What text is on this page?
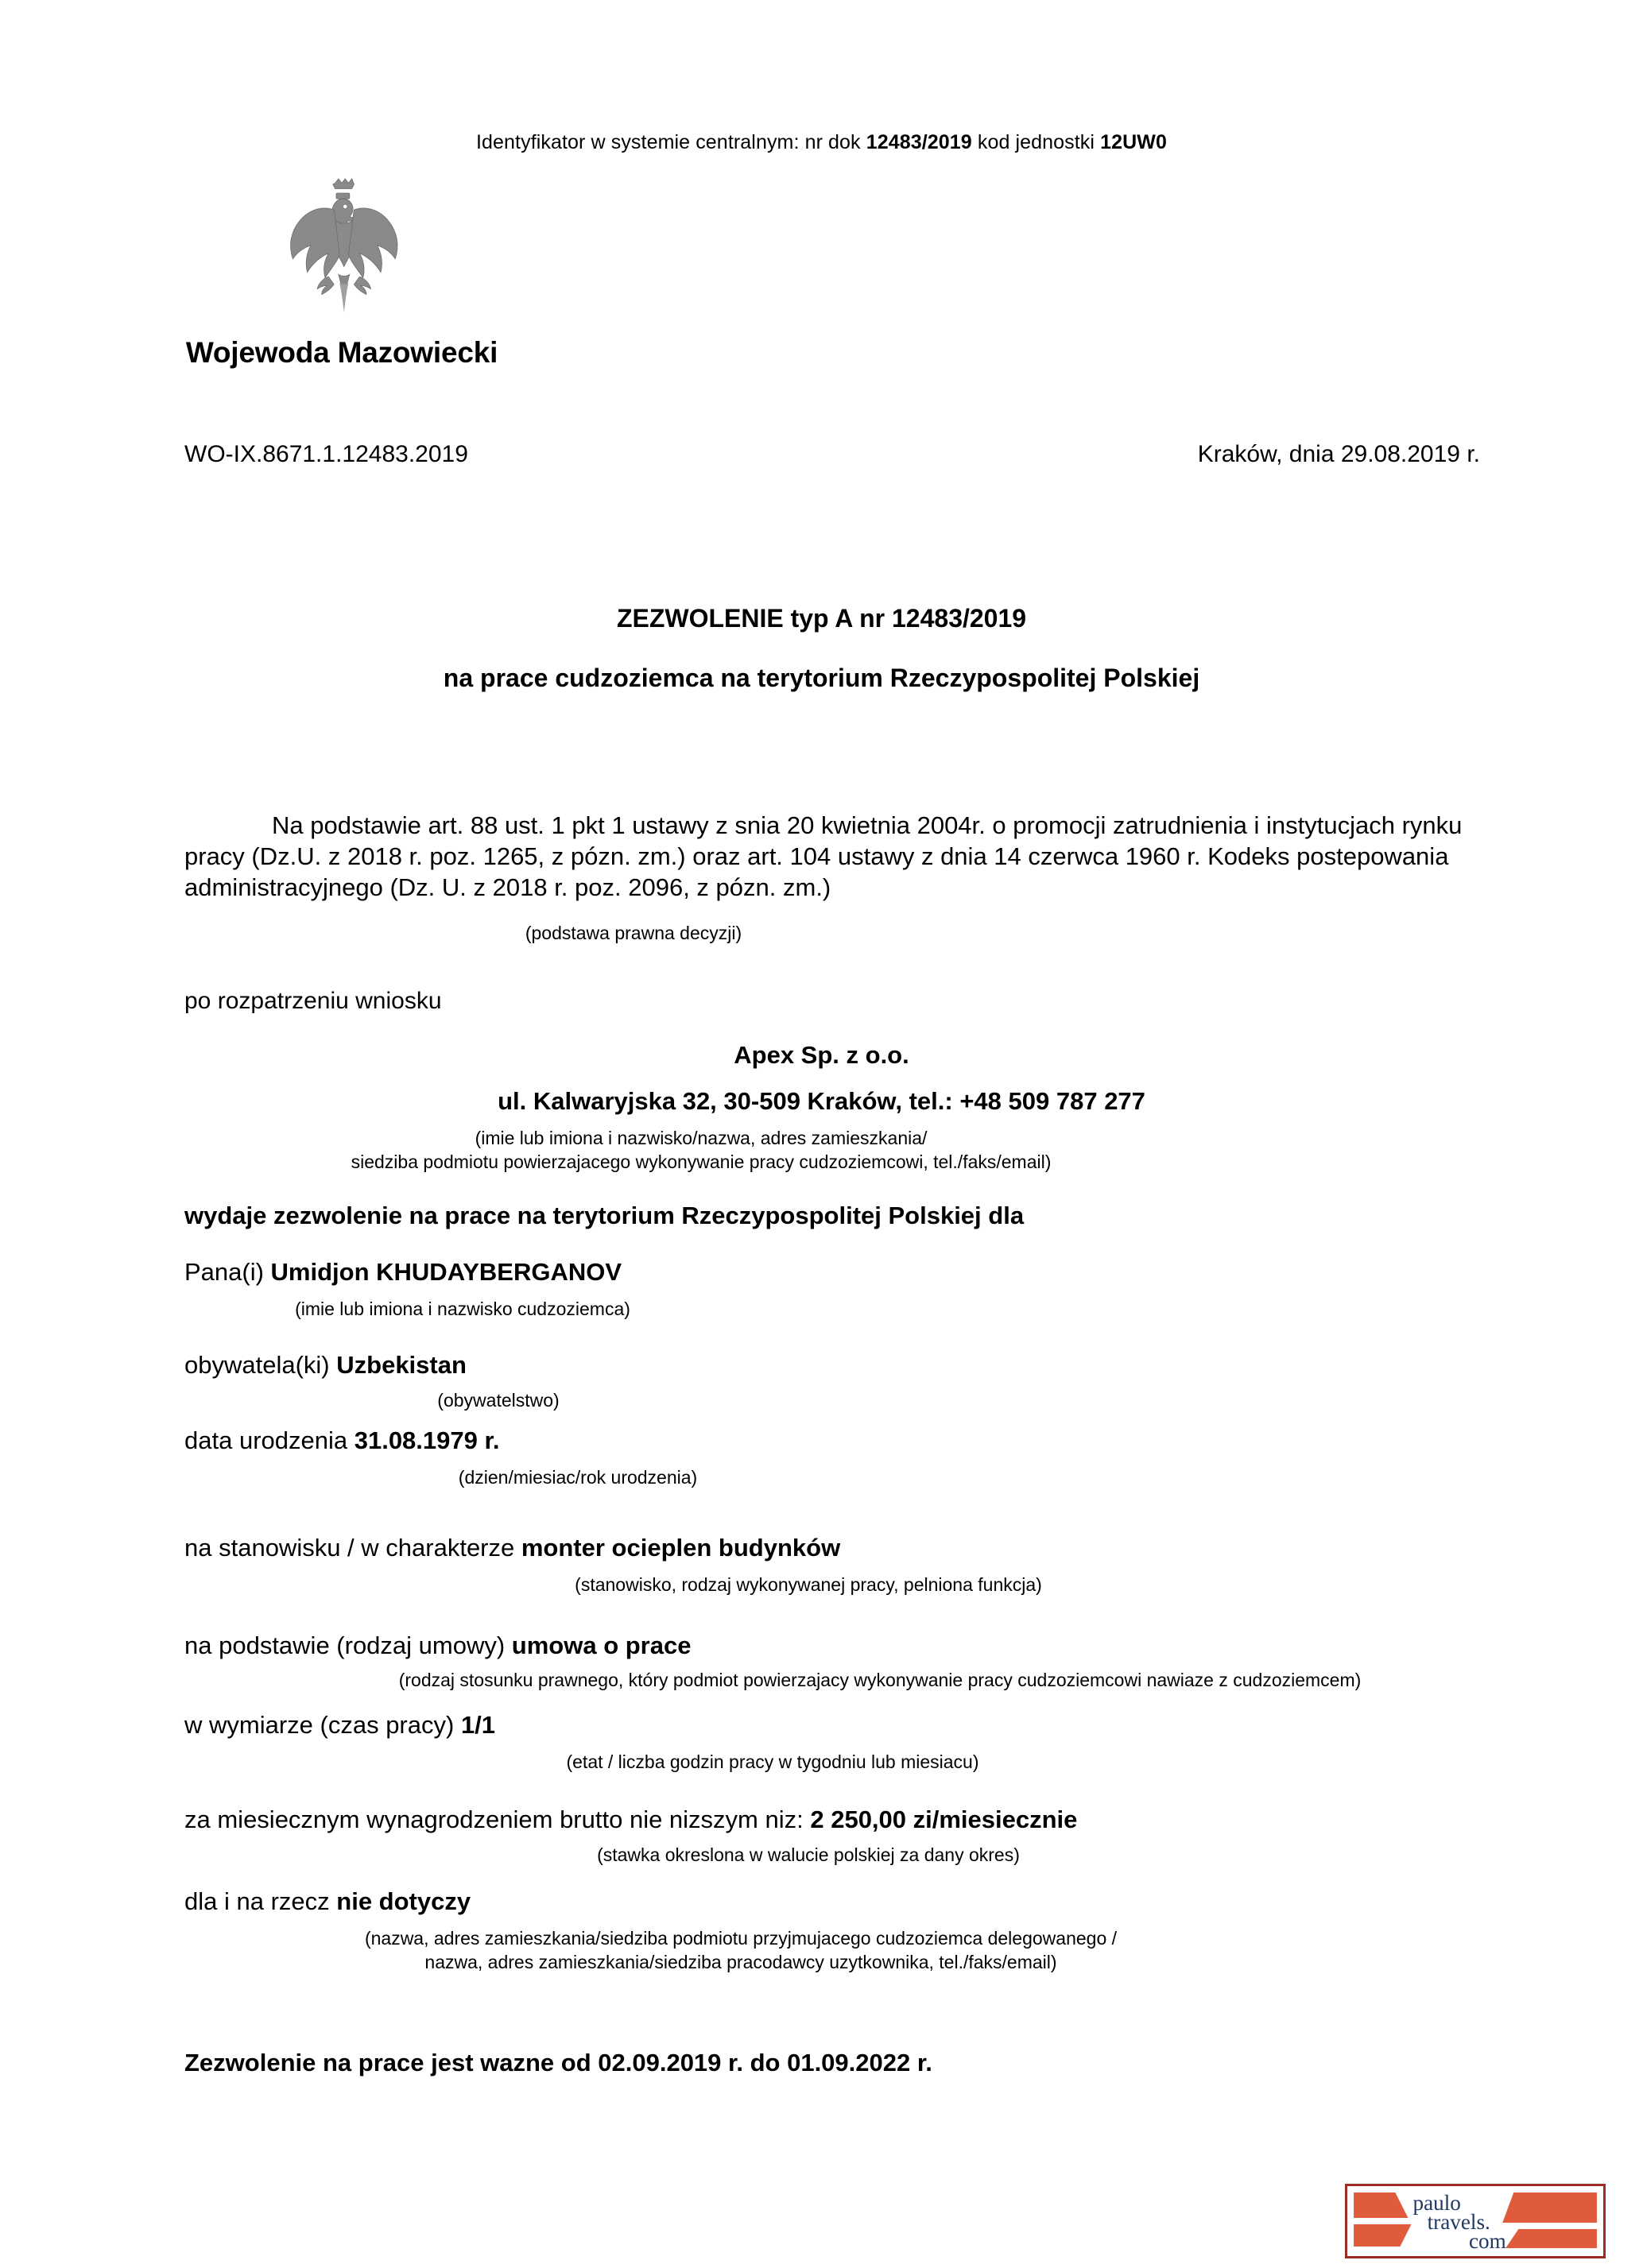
Identyfikator w systemie centralnym: nr dok 12483/2019 kod jednostki 12UW0
Wojewoda Mazowiecki
WO-IX.8671.1.12483.2019	Kraków, dnia 29.08.2019 r.
ZEZWOLENIE typ A nr 12483/2019
na prace cudzoziemca na terytorium Rzeczypospolitej Polskiej
Na podstawie art. 88 ust. 1 pkt 1 ustawy z snia 20 kwietnia 2004r. o promocji zatrudnienia i instytucjach rynku pracy (Dz.U. z 2018 r. poz. 1265, z pózn. zm.) oraz art. 104 ustawy z dnia 14 czerwca 1960 r. Kodeks postepowania administracyjnego (Dz. U. z 2018 r. poz. 2096, z pózn. zm.)
(podstawa prawna decyzji)
po rozpatrzeniu wniosku
Apex Sp. z o.o.
ul. Kalwaryjska 32, 30-509 Kraków, tel.: +48 509 787 277
(imie lub imiona i nazwisko/nazwa, adres zamieszkania/
siedziba podmiotu powierzajacego wykonywanie pracy cudzoziemcowi, tel./faks/email)
wydaje zezwolenie na prace na terytorium Rzeczypospolitej Polskiej dla
Pana(i) Umidjon KHUDAYBERGANOV
(imie lub imiona i nazwisko cudzoziemca)
obywatela(ki) Uzbekistan
(obywatelstwo)
data urodzenia 31.08.1979 r.
(dzien/miesiac/rok urodzenia)
na stanowisku / w charakterze monter ocieplen budynków
(stanowisko, rodzaj wykonywanej pracy, pelniona funkcja)
na podstawie (rodzaj umowy) umowa o prace
(rodzaj stosunku prawnego, który podmiot powierzajacy wykonywanie pracy cudzoziemcowi nawiaze z cudzoziemcem)
w wymiarze (czas pracy) 1/1
(etat / liczba godzin pracy w tygodniu lub miesiacu)
za miesiecznym wynagrodzeniem brutto nie nizszym niz: 2 250,00 zi/miesiecznie
(stawka okreslona w walucie polskiej za dany okres)
dla i na rzecz nie dotyczy
(nazwa, adres zamieszkania/siedziba podmiotu przyjmujacego cudzoziemca delegowanego /
nazwa, adres zamieszkania/siedziba pracodawcy uzytkownika, tel./faks/email)
Zezwolenie na prace jest wazne od 02.09.2019 r. do 01.09.2022 r.
paulo
travels.
com
